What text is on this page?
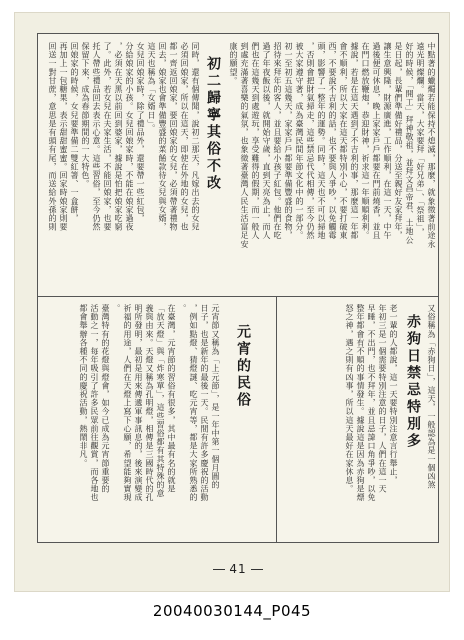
同時，還有個傳聞，說初二那天，凡嫁出去的女兒
必須回娘家，所以在這天，即使在外地的女兒，也
都一齊返回娘家，要回娘家的女兒，必須帶著禮物
回去，娘家也會準備豐盛的菜餚款待女兒與女婿，
這天也稱為「女婿日」。
女兒回娘家時，除了禮品外，還要帶一些紅包，
分給娘家的小孩。女兒回娘家時，不能在娘家過夜
，必須在天黑以前回到婆家，據說是怕把娘家吃窮
了。此外，若女兒在夫家生活，不能回娘家，也要
托人帶些禮品回去表示心意。這些習俗，至今仍然
保留下來，成為春節期間的一大特色。
回娘家的時候，女兒要準備二雙紅箸、一盒餅，
再加上一包糖果，表示甜甜蜜蜜。回家時娘家則要
回送一對甘蔗，意思是有頭有尾，而送給外孫的則	初二歸寧其俗不改	中點著的蠟燭若能保持不熄滅，那麼，就象徵著前途永
遠光明燦爛。當天，大家要拜「好兄弟」、「祭祖」，
好的時候，「開工」拜神敬祖，並拜文昌帝君、土地公
是日起，長輩們準備好禮品，分送至親好友家拜年，
讓生意興隆，財源廣進，工作順利，在這一天，中午
過後便可休息，晚上家家戶戶都要在門前燒香，並且
在門口燃放鞭炮，恭迎財神，祈求這一年順順利利。
據說，若是在這天遇到了不吉利的事，那麼這一年都
會不順利，所以大家在這天都特別小心，不要打破東
西，不要說不吉利的話，也不要與人爭吵，以免觸霉
頭，影響了一整年的運勢。同時，這天也不可以掃地
，否則會把財氣掃走，這些禁忌代代相傳，至今仍然
被大家遵守著，成為臺灣民間年節文化中的一部分。
初一至初五這幾天，家家戶戶都要準備豐盛的食物，
招待來拜年的客人，並且要給小孩子紅包。他們在吃
過了年夜飯以後，就開始守歲，直到天亮為止，而人
們也在這幾天到處遊玩，享受難得的假期，而一般人
到處充滿著喜樂的氣氛，也象徵著臺灣人民生活富足安
康的願望。
元宵節又稱為「上元節」，是一年中第一個月圓的
日子，也是新年的最後一天。民間有許多慶祝的活動
，例如點燈、猜燈謎、吃元宵等，都是大家所熟悉的
。
在臺灣，元宵節的習俗有很多，其中最有名的就是
「放天燈」與「炸寒單」，這些習俗都有其特殊的意
義與由來。天燈又稱為孔明燈，相傳是三國時代的孔
明所發明，最初是用來傳遞軍事訊息的，後來演變成
祈福的用途，人們在天燈上寫下心願，希望能夠實現
。
臺灣特有的花燈與燈會，如今已成為元宵節重要的
活動之一，每年吸引了許多民眾前往觀賞，而各地也
都會舉辦各種不同的慶祝活動，熱鬧非凡。	元宵的民俗	又俗稱為「赤狗日」，這天，一般認為是一個凶煞
赤狗日禁忌特別多
老一輩的人都說，這一天要特別注意言行舉止，
年初三是一個需要特別注意的日子，人們在這一天
早睡，不出門，也不拜年，並且忌諱口角爭吵，以免
整年都會有不順的事情發生。據說這是因為赤狗是熛
怒之神，遇之則有凶事，所以這天最好在家休息。
41
20040030144_P045
